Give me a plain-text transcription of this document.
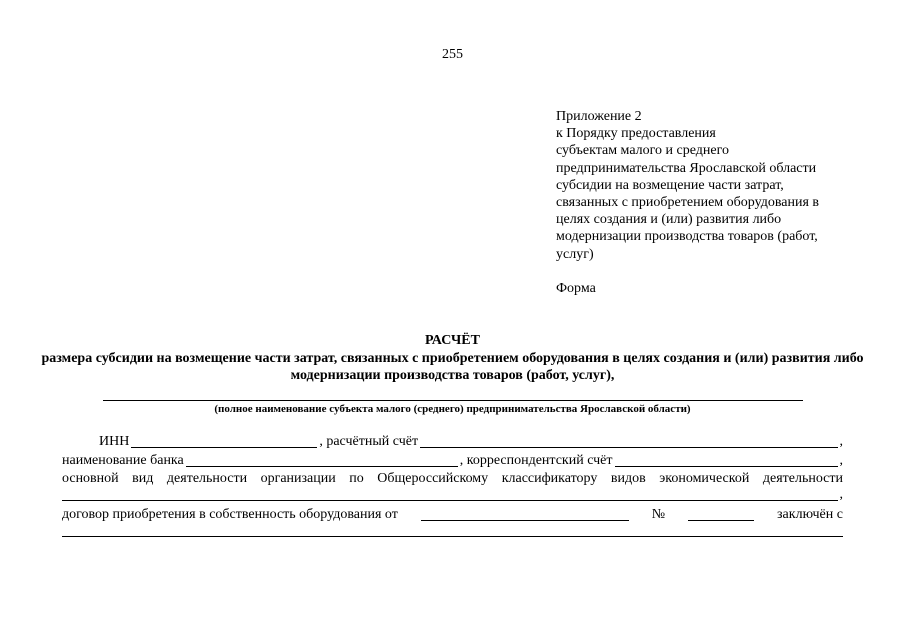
255
Приложение 2
к Порядку предоставления
субъектам малого и среднего
предпринимательства Ярославской области
субсидии на возмещение части затрат,
связанных с приобретением оборудования в
целях создания и (или) развития либо
модернизации производства товаров (работ,
услуг)
Форма
РАСЧЁТ
размера субсидии на возмещение части затрат, связанных с приобретением оборудования в целях создания и (или) развития либо модернизации производства товаров (работ, услуг),
(полное наименование субъекта малого (среднего) предпринимательства Ярославской области)
ИНН	, расчётный счёт	,
наименование банка	, корреспондентский счёт	,
основной вид деятельности организации по Общероссийскому классификатору видов экономической деятельности
,
договор приобретения в собственность оборудования от	№	заключён с
